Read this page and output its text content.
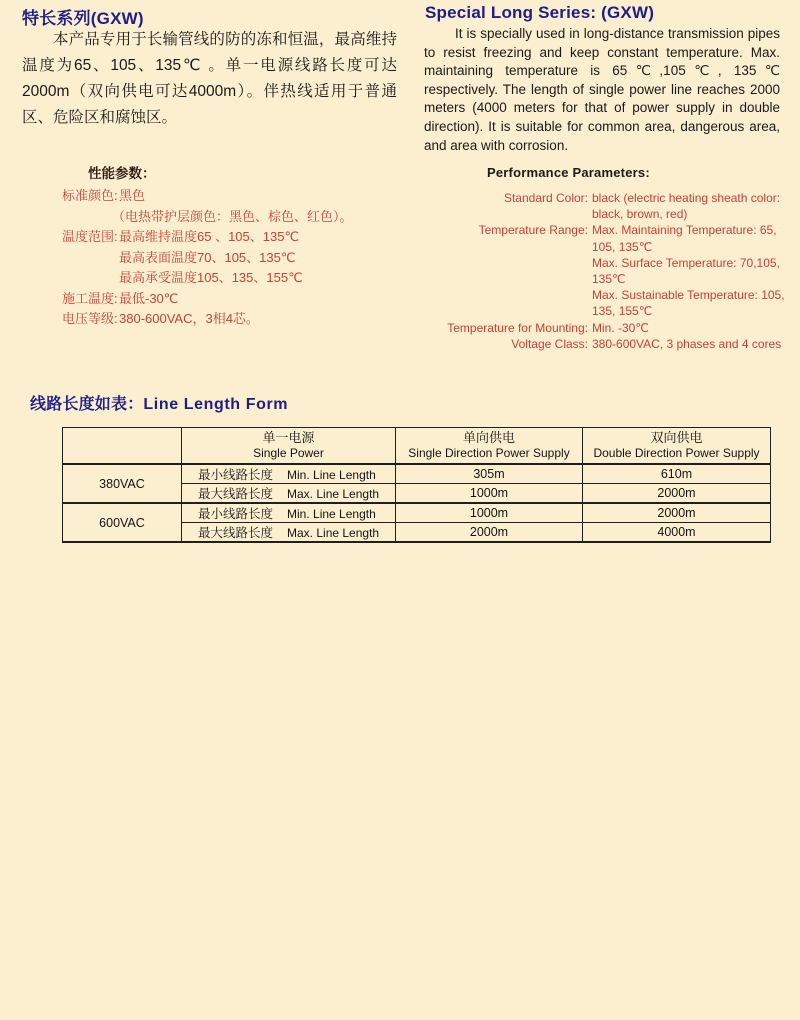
特长系列(GXW)
本产品专用于长输管线的防的冻和恒温，最高维持温度为65、105、135℃ 。单一电源线路长度可达2000m（双向供电可达4000m）。伴热线适用于普通区、危险区和腐蚀区。
Special Long Series: (GXW)
It is specially used in long-distance transmission pipes to resist freezing and keep constant temperature. Max. maintaining temperature is 65℃,105℃, 135℃ respectively. The length of single power line reaches 2000 meters (4000 meters for that of power supply in double direction). It is suitable for common area, dangerous area, and area with corrosion.
性能参数：
标准颜色:黑色
（电热带护层颜色：黑色、棕色、红色）。
温度范围:最高维持温度65 、105、135℃
最高表面温度70、105、135℃
最高承受温度105、135、155℃
施工温度:最低-30℃
电压等级:380-600VAC，3相4芯。
Performance Parameters:
Standard Color: black (electric heating sheath color:
black, brown, red)
Temperature Range: Max. Maintaining Temperature: 65,
105, 135℃
Max. Surface Temperature: 70,105,
135℃
Max. Sustainable Temperature: 105,
135, 155℃
Temperature for Mounting: Min. -30℃
Voltage Class: 380-600VAC, 3 phases and 4 cores
线路长度如表：Line Length Form

单一电源
Single Power

单向供电
Single Direction Power Supply

双向供电
Double Direction Power Supply

380VAC	最小线路长度 Min. Line Length	305m	610m
	最大线路长度 Max. Line Length	1000m	2000m
600VAC	最小线路长度 Min. Line Length	1000m	2000m
	最大线路长度 Max. Line Length	2000m	4000m
